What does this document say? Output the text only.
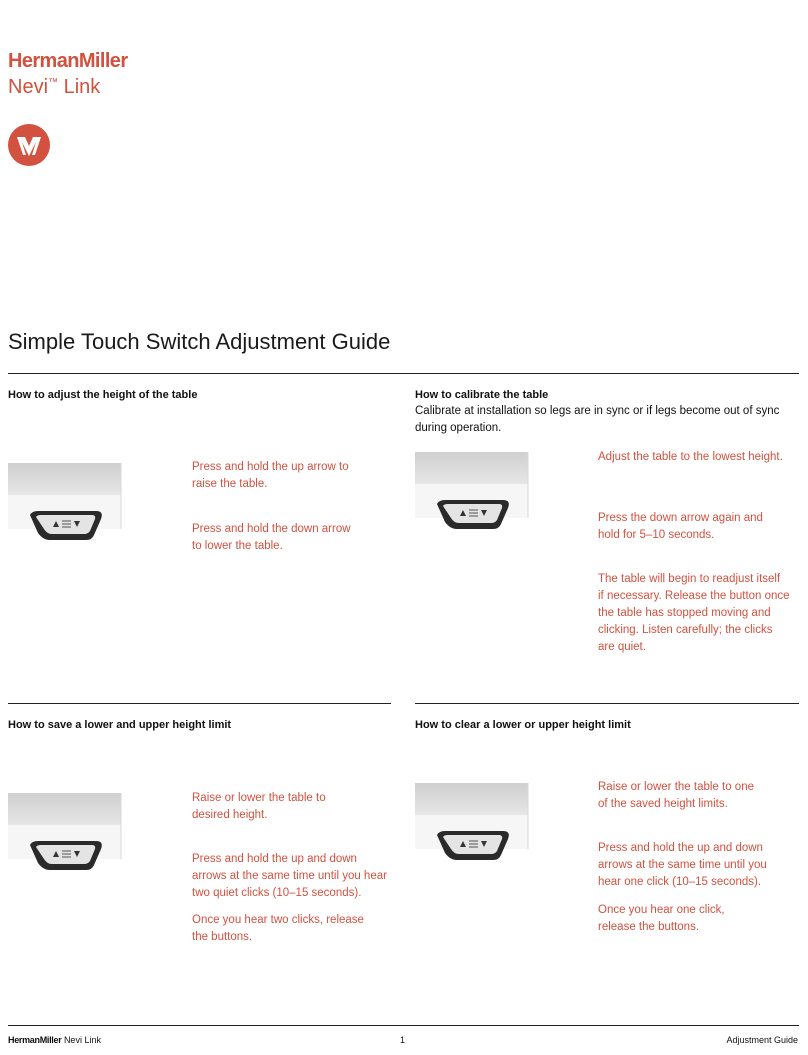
HermanMiller
Nevi™ Link
Simple Touch Switch Adjustment Guide
How to adjust the height of the table

Press and hold the up arrow to
raise the table.

Press and hold the down arrow
to lower the table.

How to calibrate the table
Calibrate at installation so legs are in sync or if legs become out of sync
during operation.

Adjust the table to the lowest height.

Press the down arrow again and
hold for 5–10 seconds.

The table will begin to readjust itself
if necessary. Release the button once
the table has stopped moving and
clicking. Listen carefully; the clicks
are quiet.

How to save a lower and upper height limit

Raise or lower the table to
desired height.

Press and hold the up and down
arrows at the same time until you hear
two quiet clicks (10–15 seconds).

Once you hear two clicks, release
the buttons.

How to clear a lower or upper height limit

Raise or lower the table to one
of the saved height limits.

Press and hold the up and down
arrows at the same time until you
hear one click (10–15 seconds).

Once you hear one click,
release the buttons.

HermanMiller Nevi Link	1	Adjustment Guide
